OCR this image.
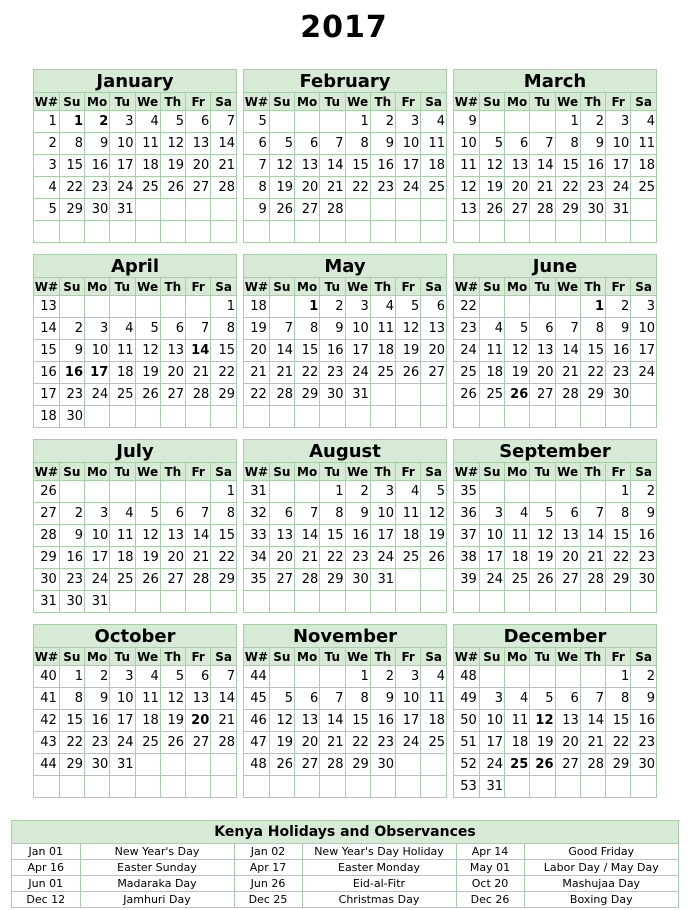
2017
January
W#	Su	Mo	Tu	We	Th	Fr	Sa
1	1	2	3	4	5	6	7
2	8	9	10	11	12	13	14
3	15	16	17	18	19	20	21
4	22	23	24	25	26	27	28
5	29	30	31				

February
W#	Su	Mo	Tu	We	Th	Fr	Sa
5				1	2	3	4
6	5	6	7	8	9	10	11
7	12	13	14	15	16	17	18
8	19	20	21	22	23	24	25
9	26	27	28				

March
W#	Su	Mo	Tu	We	Th	Fr	Sa
9				1	2	3	4
10	5	6	7	8	9	10	11
11	12	13	14	15	16	17	18
12	19	20	21	22	23	24	25
13	26	27	28	29	30	31	

April
W#	Su	Mo	Tu	We	Th	Fr	Sa
13							1
14	2	3	4	5	6	7	8
15	9	10	11	12	13	14	15
16	16	17	18	19	20	21	22
17	23	24	25	26	27	28	29
18	30						
May
W#	Su	Mo	Tu	We	Th	Fr	Sa
18		1	2	3	4	5	6
19	7	8	9	10	11	12	13
20	14	15	16	17	18	19	20
21	21	22	23	24	25	26	27
22	28	29	30	31			

June
W#	Su	Mo	Tu	We	Th	Fr	Sa
22					1	2	3
23	4	5	6	7	8	9	10
24	11	12	13	14	15	16	17
25	18	19	20	21	22	23	24
26	25	26	27	28	29	30	

July
W#	Su	Mo	Tu	We	Th	Fr	Sa
26							1
27	2	3	4	5	6	7	8
28	9	10	11	12	13	14	15
29	16	17	18	19	20	21	22
30	23	24	25	26	27	28	29
31	30	31					
August
W#	Su	Mo	Tu	We	Th	Fr	Sa
31			1	2	3	4	5
32	6	7	8	9	10	11	12
33	13	14	15	16	17	18	19
34	20	21	22	23	24	25	26
35	27	28	29	30	31		

September
W#	Su	Mo	Tu	We	Th	Fr	Sa
35						1	2
36	3	4	5	6	7	8	9
37	10	11	12	13	14	15	16
38	17	18	19	20	21	22	23
39	24	25	26	27	28	29	30

October
W#	Su	Mo	Tu	We	Th	Fr	Sa
40	1	2	3	4	5	6	7
41	8	9	10	11	12	13	14
42	15	16	17	18	19	20	21
43	22	23	24	25	26	27	28
44	29	30	31				

November
W#	Su	Mo	Tu	We	Th	Fr	Sa
44				1	2	3	4
45	5	6	7	8	9	10	11
46	12	13	14	15	16	17	18
47	19	20	21	22	23	24	25
48	26	27	28	29	30		

December
W#	Su	Mo	Tu	We	Th	Fr	Sa
48						1	2
49	3	4	5	6	7	8	9
50	10	11	12	13	14	15	16
51	17	18	19	20	21	22	23
52	24	25	26	27	28	29	30
53	31						
Kenya Holidays and Observances
Jan 01	New Year's Day	Jan 02	New Year's Day Holiday	Apr 14	Good Friday
Apr 16	Easter Sunday	Apr 17	Easter Monday	May 01	Labor Day / May Day
Jun 01	Madaraka Day	Jun 26	Eid-al-Fitr	Oct 20	Mashujaa Day
Dec 12	Jamhuri Day	Dec 25	Christmas Day	Dec 26	Boxing Day
